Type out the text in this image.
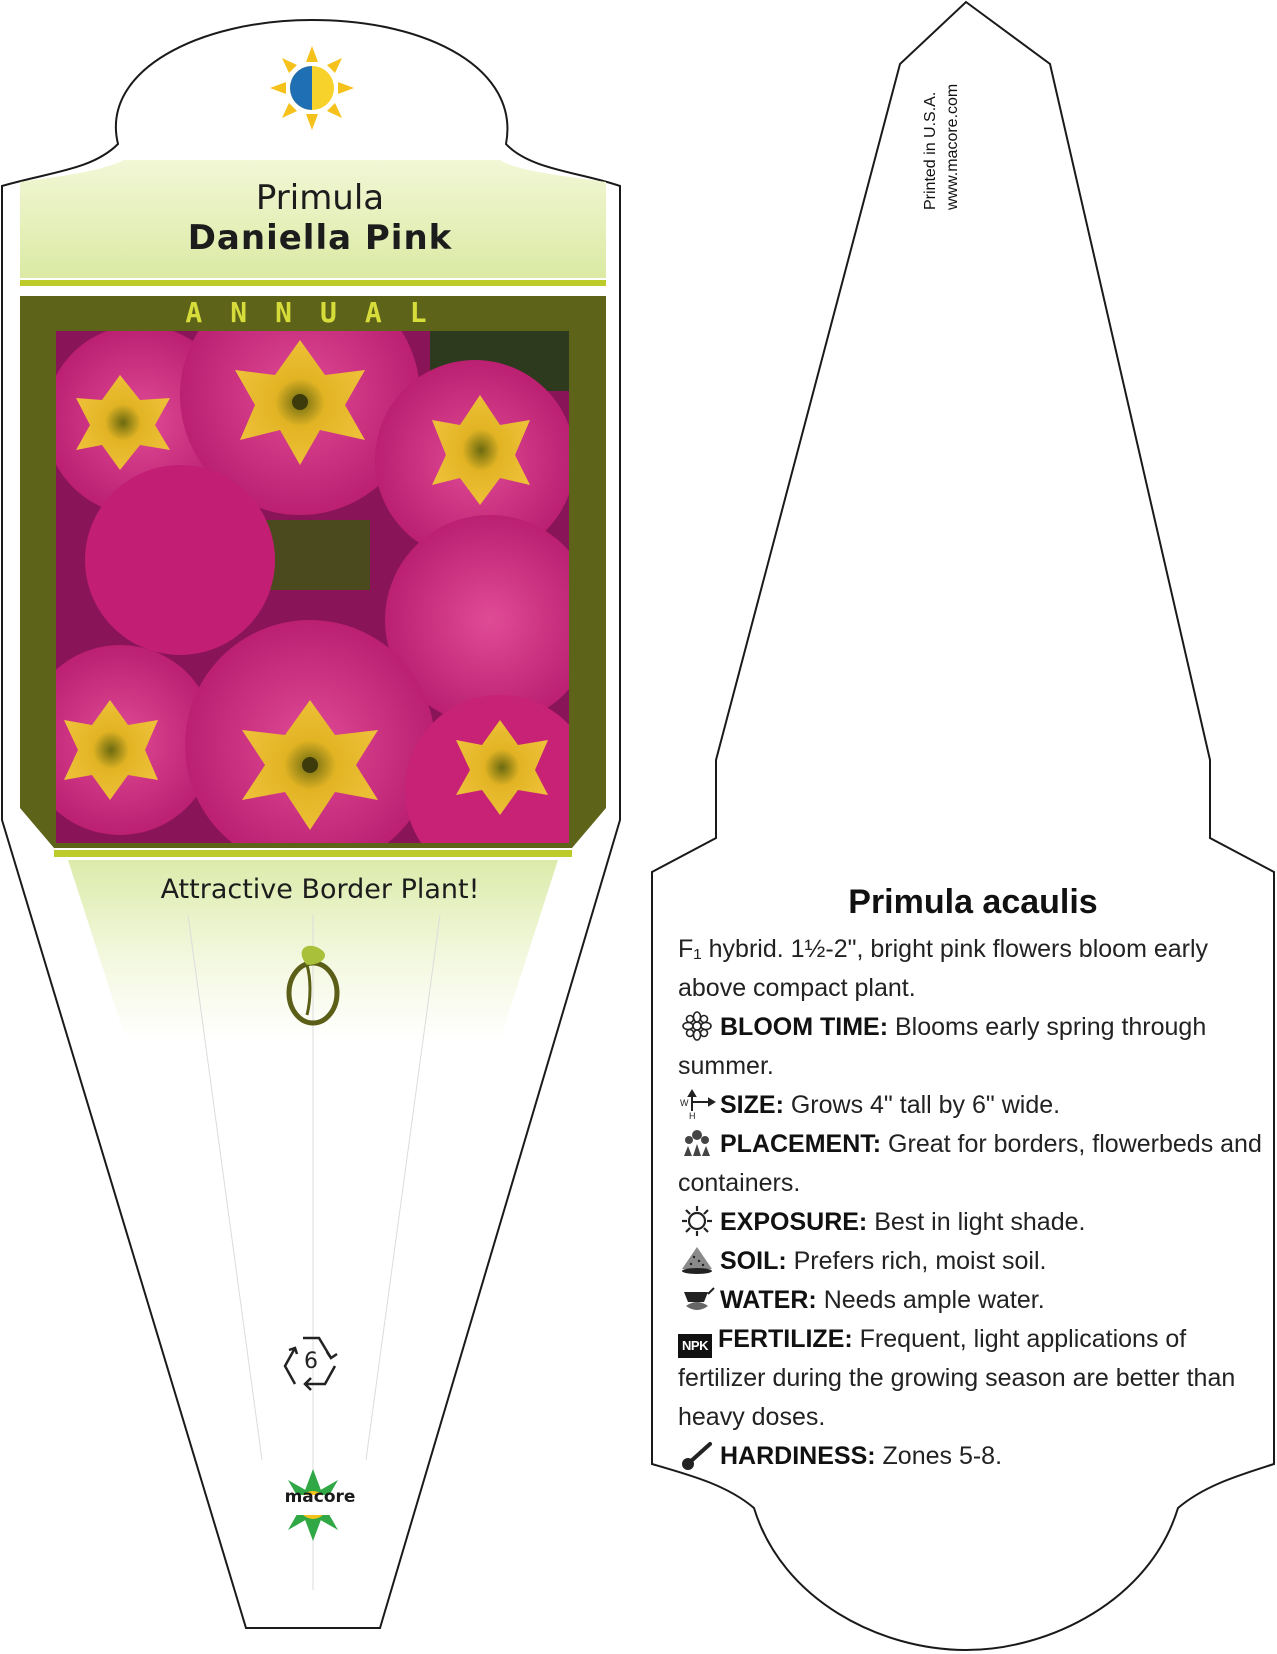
Primula
Daniella Pink
ANNUAL
Attractive Border Plant!
6
macore
Printed in U.S.A. www.macore.com
Primula acaulis
F₁ hybrid. 1½-2", bright pink flowers bloom early above compact plant.
BLOOM TIME: Blooms early spring through summer.
W
H SIZE: Grows 4" tall by 6" wide.
PLACEMENT: Great for borders, flowerbeds and containers.
EXPOSURE: Best in light shade.
SOIL: Prefers rich, moist soil.
WATER: Needs ample water.
NPK FERTILIZE: Frequent, light applications of fertilizer during the growing season are better than heavy doses.
HARDINESS: Zones 5-8.
